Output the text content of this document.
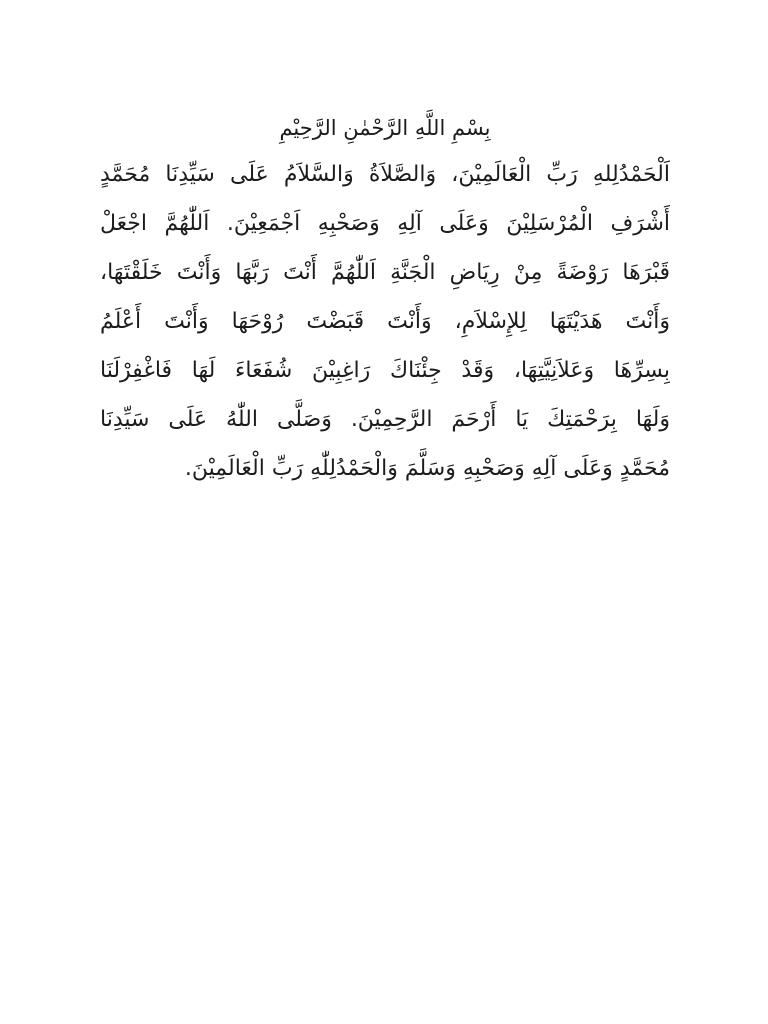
بِسْمِ اللَّهِ الرَّحْمٰنِ الرَّحِيْمِ
اَلْحَمْدُلِلهِ رَبِّ الْعَالَمِيْنَ، وَالصَّلاَةُ وَالسَّلاَمُ عَلَى سَيِّدِنَا مُحَمَّدٍ
أَشْرَفِ الْمُرْسَلِيْنَ وَعَلَى آلِهِ وَصَحْبِهِ اَجْمَعِيْنَ. اَللّٰهُمَّ اجْعَلْ
قَبْرَهَا رَوْضَةً مِنْ رِيَاضِ الْجَنَّةِ اَللّٰهُمَّ أَنْتَ رَبَّهَا وَأَنْتَ خَلَقْتَهَا،
وَأَنْتَ هَدَيْتَهَا لِلإِسْلاَمِ، وَأَنْتَ قَبَضْتَ رُوْحَهَا وَأَنْتَ أَعْلَمُ
بِسِرِّهَا وَعَلاَنِيَّتِهَا، وَقَدْ جِئْنَاكَ رَاغِبِيْنَ شُفَعَاءَ لَهَا فَاغْفِرْلَنَا
وَلَهَا بِرَحْمَتِكَ يَا أَرْحَمَ الرَّحِمِيْنَ. وَصَلَّى اللّٰهُ عَلَى سَيِّدِنَا
مُحَمَّدٍ وَعَلَى آلِهِ وَصَحْبِهِ وَسَلَّمَ وَالْحَمْدُلِلّٰهِ رَبِّ الْعَالَمِيْنَ.
